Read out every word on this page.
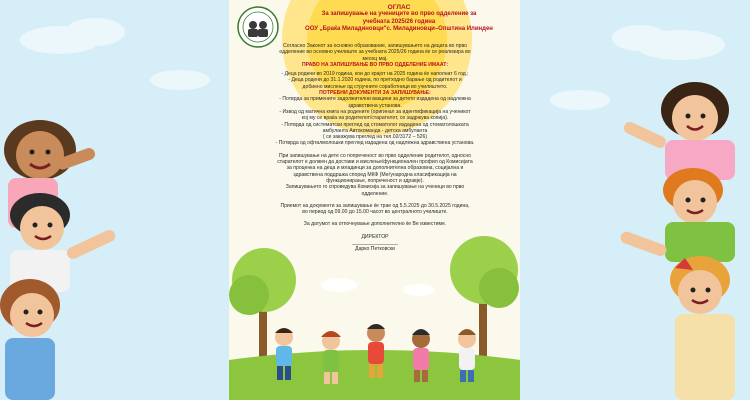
ОГЛАС
За запишување на учениците во прво одделение за
учебната 2025/26 година
ООУ „Браќа Миладиновци"с. Миладиновци–Општина Илинден

Согласно Законот за основно образование, запишувањето на децата во прво

одделение во основно училиште за учебната 2025/26 година ќе се реализира во

месец мај.

ПРАВО НА ЗАПИШУВАЊЕ ВО ПРВО ОДДЕЛЕНИЕ ИМААТ:

- Деца родени во 2019 година, кои до крајот на 2025 година ќе наполнат 6 год.;

- Деца родени до 31.1.2020 година, по претходно барање од родителот и

добиено мислење од стручните соработници во училиштето.

ПОТРЕБНИ ДОКУМЕНТИ ЗА ЗАПИШУВАЊЕ:

- Потврда за примените задолжителни вакцини за детето издадена од надлежна

здравствена установа.

- Извод од матична книга на родените (оригинал за идентификација на ученикот

кој му се враќа на родителот/старателот, се задржува копија).

- Потврда од систематски преглед од стоматолог издадена од стоматолошката

амбуланта Автокоманда - детска амбуланта

( се закажува преглед на тел.02/3172 – 526)

- Потврда од офталмолошки преглед издадена од надлежна здравствена установа.

При запишување на дете со попреченост во прво одделение родителот, односно

старателот е должен да достави и мислење/функционален профил од Комисијата

за проценка на деца и младинци за дополнителна образовна, социјална и

здравствена поддршка според МКФ (Меѓународна класификација на

функционирање, попреченост и здравје).

Запишувањето го спроведува Комисија за запишување на ученици во прво

одделение.

Приемот на документи за запишување ќе трае од 5.5.2025 до 30.5.2025 година,

во период од 09.00 до 15.00 часот во централното училиште.

За датумот на отпочнување дополнително ќе Ве известиме.

ДИРЕКТОР

________________

Дарко Петковски
